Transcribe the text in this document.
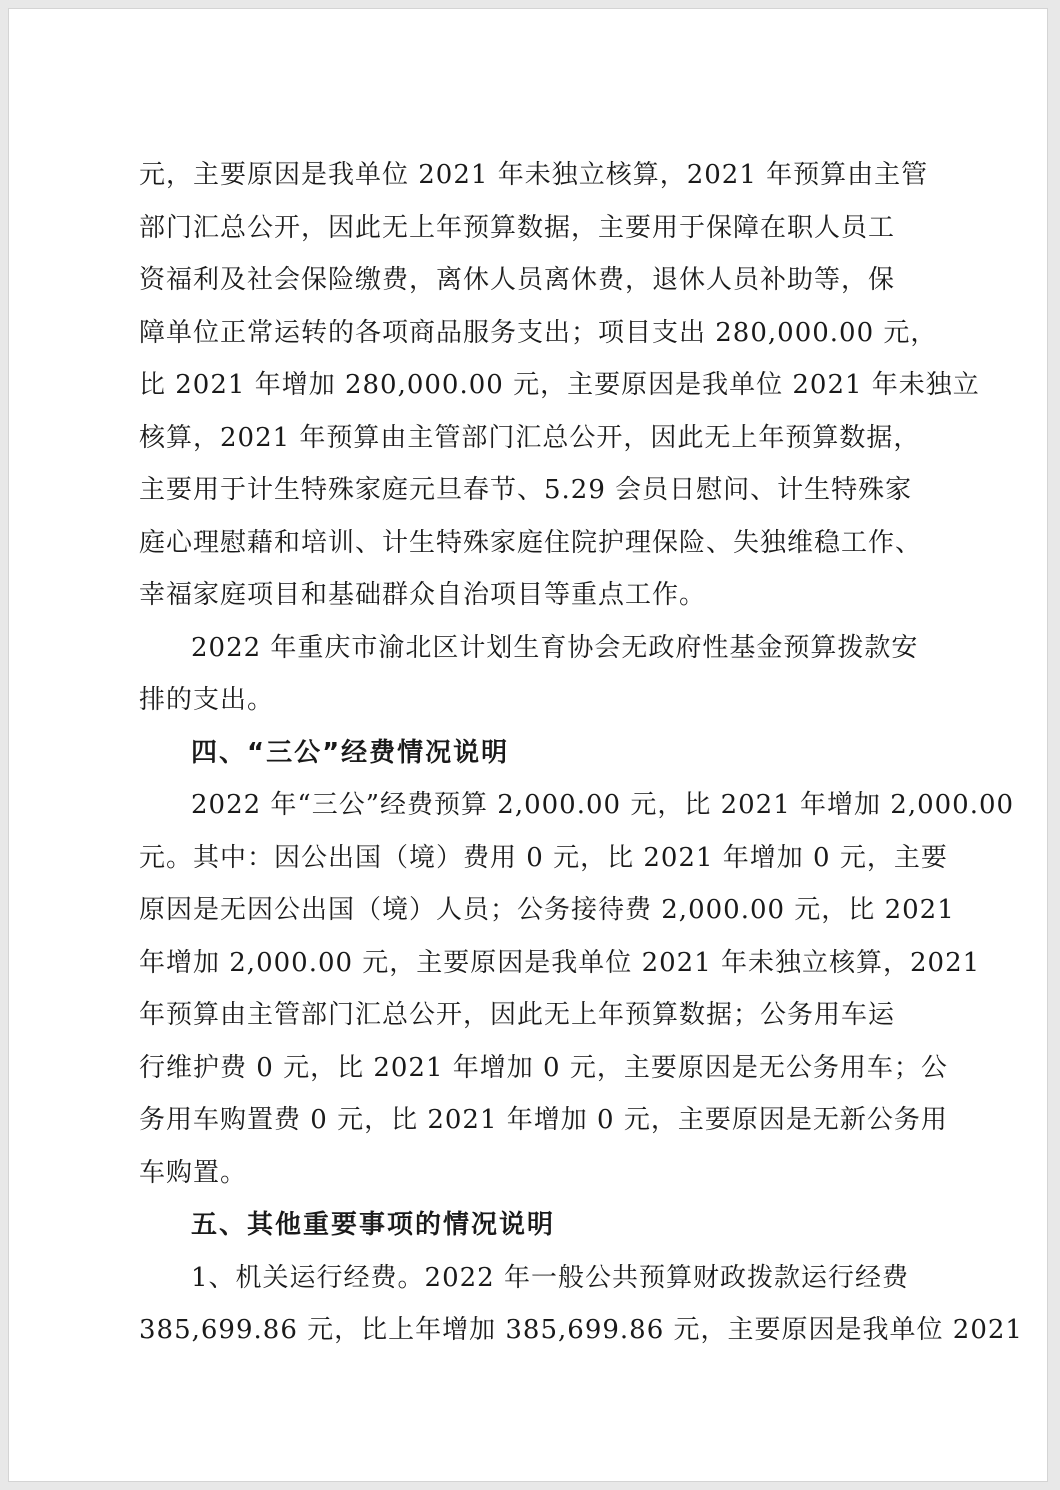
元，主要原因是我单位 2021 年未独立核算，2021 年预算由主管
部门汇总公开，因此无上年预算数据，主要用于保障在职人员工
资福利及社会保险缴费，离休人员离休费，退休人员补助等，保
障单位正常运转的各项商品服务支出；项目支出 280,000.00 元，
比 2021 年增加 280,000.00 元，主要原因是我单位 2021 年未独立
核算，2021 年预算由主管部门汇总公开，因此无上年预算数据，
主要用于计生特殊家庭元旦春节、5.29 会员日慰问、计生特殊家
庭心理慰藉和培训、计生特殊家庭住院护理保险、失独维稳工作、
幸福家庭项目和基础群众自治项目等重点工作。
2022 年重庆市渝北区计划生育协会无政府性基金预算拨款安
排的支出。
四、“三公”经费情况说明
2022 年“三公”经费预算 2,000.00 元，比 2021 年增加 2,000.00
元。其中：因公出国（境）费用 0 元，比 2021 年增加 0 元，主要
原因是无因公出国（境）人员；公务接待费 2,000.00 元，比 2021
年增加 2,000.00 元，主要原因是我单位 2021 年未独立核算，2021
年预算由主管部门汇总公开，因此无上年预算数据；公务用车运
行维护费 0 元，比 2021 年增加 0 元，主要原因是无公务用车；公
务用车购置费 0 元，比 2021 年增加 0 元，主要原因是无新公务用
车购置。
五、其他重要事项的情况说明
1、机关运行经费。2022 年一般公共预算财政拨款运行经费
385,699.86 元，比上年增加 385,699.86 元，主要原因是我单位 2021
